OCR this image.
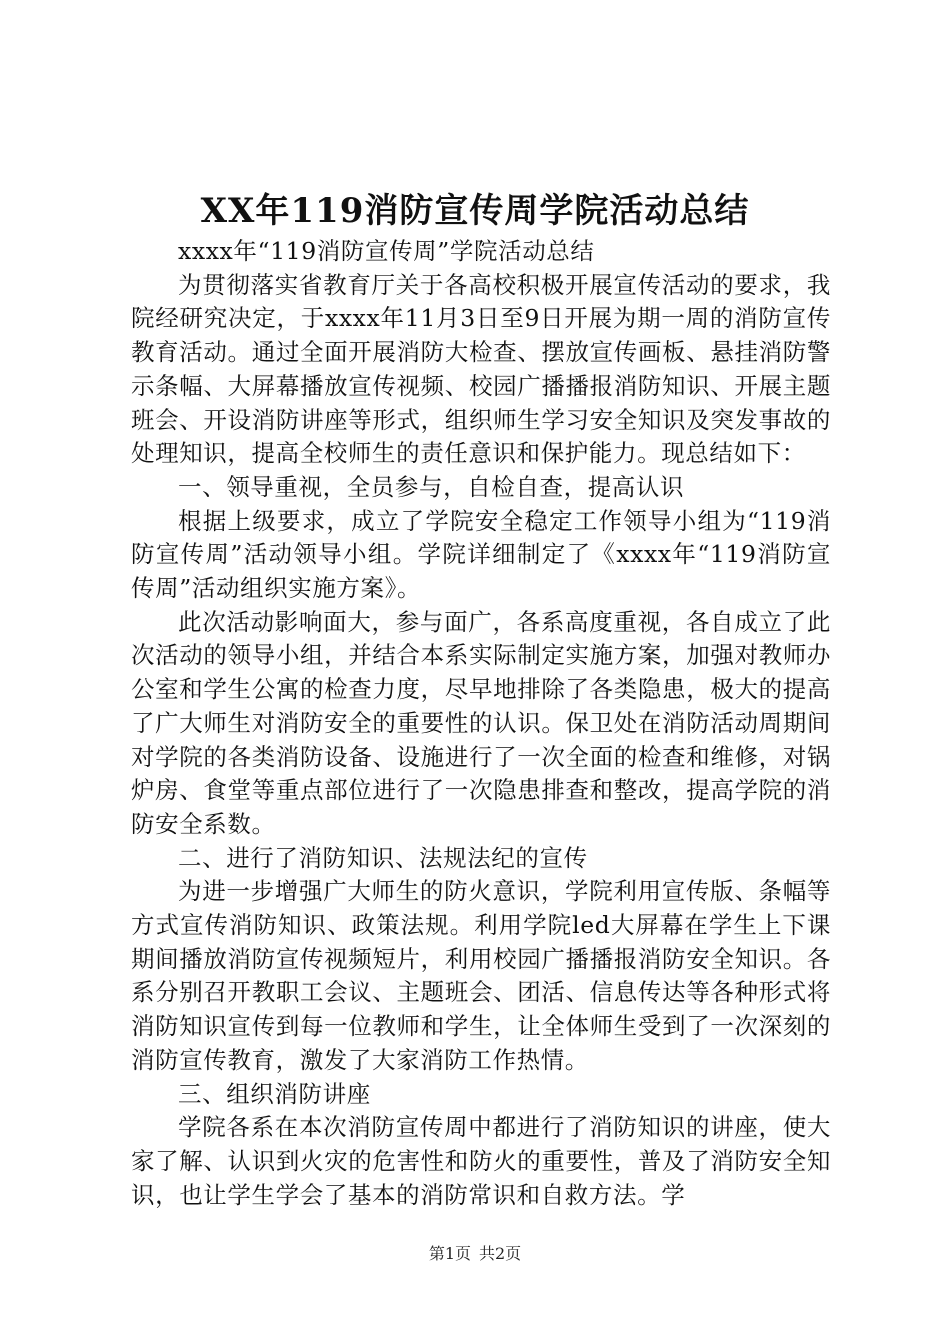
XX年119消防宣传周学院活动总结

xxxx年“119消防宣传周”学院活动总结

为贯彻落实省教育厅关于各高校积极开展宣传活动的要求，我院经研究决定，于xxxx年11月3日至9日开展为期一周的消防宣传教育活动。通过全面开展消防大检查、摆放宣传画板、悬挂消防警示条幅、大屏幕播放宣传视频、校园广播播报消防知识、开展主题班会、开设消防讲座等形式，组织师生学习安全知识及突发事故的处理知识，提高全校师生的责任意识和保护能力。现总结如下：

一、领导重视，全员参与，自检自查，提高认识

根据上级要求，成立了学院安全稳定工作领导小组为“119消防宣传周”活动领导小组。学院详细制定了《xxxx年“119消防宣传周”活动组织实施方案》。

此次活动影响面大，参与面广，各系高度重视，各自成立了此次活动的领导小组，并结合本系实际制定实施方案，加强对教师办公室和学生公寓的检查力度，尽早地排除了各类隐患，极大的提高了广大师生对消防安全的重要性的认识。保卫处在消防活动周期间对学院的各类消防设备、设施进行了一次全面的检查和维修，对锅炉房、食堂等重点部位进行了一次隐患排查和整改，提高学院的消防安全系数。

二、进行了消防知识、法规法纪的宣传

为进一步增强广大师生的防火意识，学院利用宣传版、条幅等方式宣传消防知识、政策法规。利用学院led大屏幕在学生上下课期间播放消防宣传视频短片，利用校园广播播报消防安全知识。各系分别召开教职工会议、主题班会、团活、信息传达等各种形式将消防知识宣传到每一位教师和学生，让全体师生受到了一次深刻的消防宣传教育，激发了大家消防工作热情。

三、组织消防讲座

学院各系在本次消防宣传周中都进行了消防知识的讲座，使大家了解、认识到火灾的危害性和防火的重要性，普及了消防安全知识，也让学生学会了基本的消防常识和自救方法。学

第1页 共2页
